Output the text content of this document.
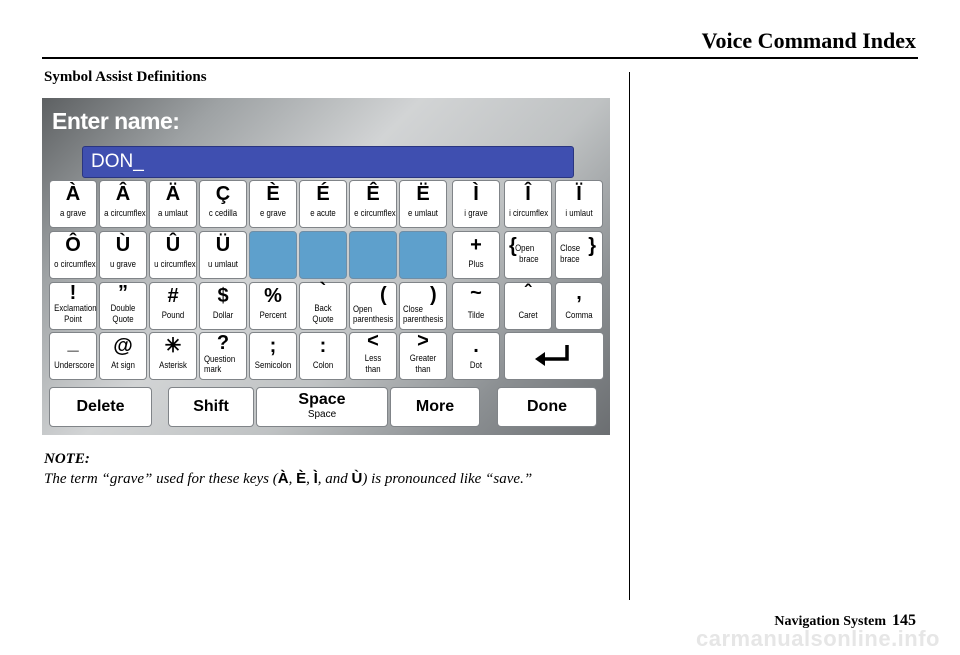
Voice Command Index
Symbol Assist Definitions
Enter name:
DON_
À
a grave
Â
a circumflex
Ä
a umlaut
Ç
c cedilla
È
e grave
É
e acute
Ê
e circumflex
Ë
e umlaut
Ì
i grave
Î
i circumflex
Ï
i umlaut
Ô
o circumflex
Ù
u grave
Û
u circumflex
Ü
u umlaut
+
Plus
{
Open
brace
Close
brace
}
!
Exclamation
Point
”
Double
Quote
#
Pound
$
Dollar
%
Percent
`
Back
Quote
Open
(
parenthesis
Close
)
parenthesis
~
Tilde
ˆ
Caret
,
Comma
_
Underscore
@
At sign
✳
Asterisk
?
Question
mark
;
Semicolon
:
Colon
<
Less
than
>
Greater
than
.
Dot
Delete	Shift	Space
Space	More	Done
NOTE:
The term “grave” used for these keys (À, È, Ì, and Ù) is pronounced like “save.”
Navigation System 145
carmanualsonline.info
